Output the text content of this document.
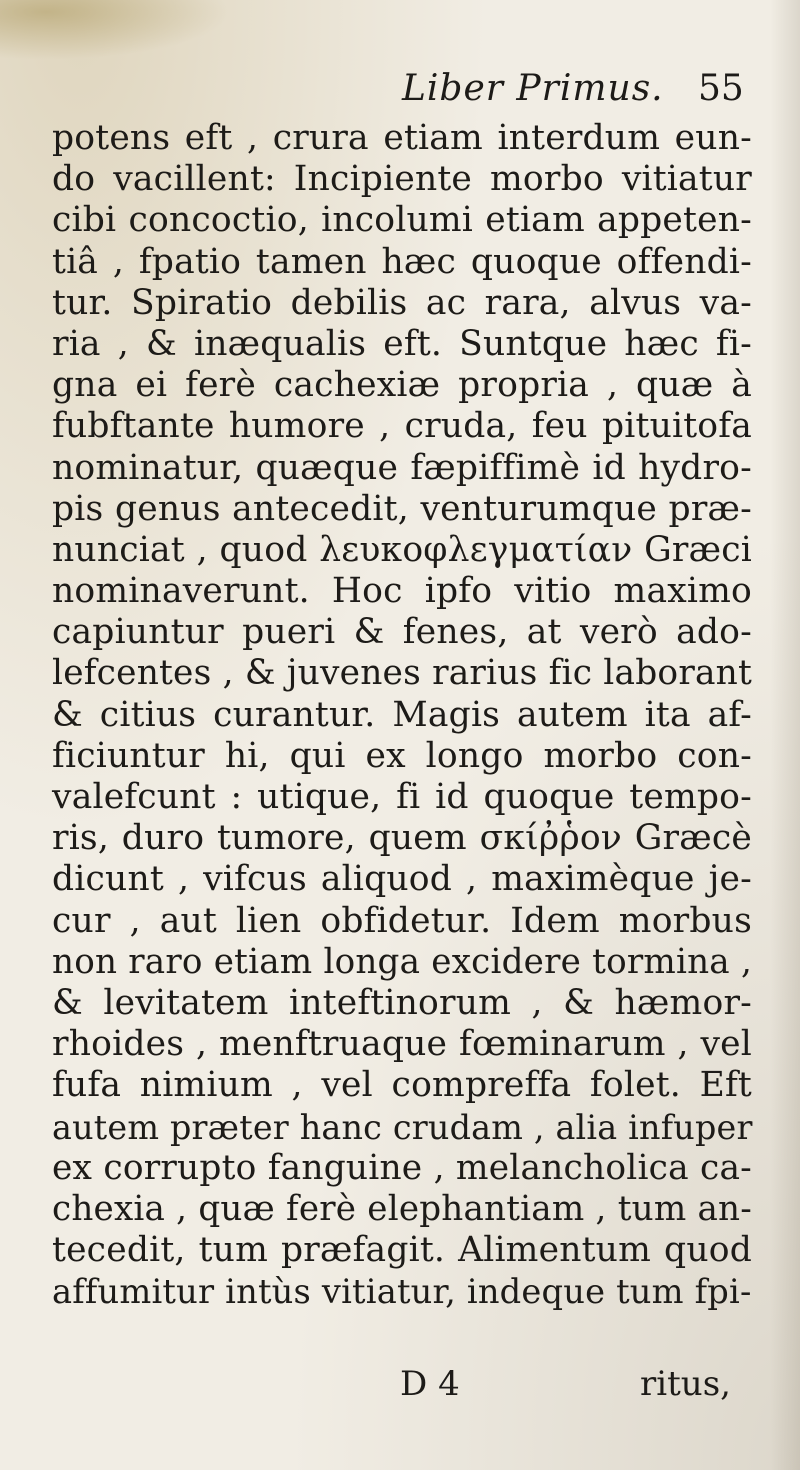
Liber Primus. 55
potens eft , crura etiam interdum eun-
do vacillent: Incipiente morbo vitiatur
cibi concoctio, incolumi etiam appeten-
tiâ , fpatio tamen hæc quoque offendi-
tur. Spiratio debilis ac rara, alvus va-
ria , & inæqualis eft. Suntque hæc fi-
gna ei ferè cachexiæ propria , quæ à
fubftante humore , cruda, feu pituitofa
nominatur, quæque fæpiffimè id hydro-
pis genus antecedit, venturumque præ-
nunciat , quod λευκοφλεγματίαν Græci
nominaverunt. Hoc ipfo vitio maximo
capiuntur pueri & fenes, at verò ado-
lefcentes , & juvenes rarius fic laborant
& citius curantur. Magis autem ita af-
ficiuntur hi, qui ex longo morbo con-
valefcunt : utique, fi id quoque tempo-
ris, duro tumore, quem σκίῤῥον Græcè
dicunt , vifcus aliquod , maximèque je-
cur , aut lien obfidetur. Idem morbus
non raro etiam longa excidere tormina ,
& levitatem inteftinorum , & hæmor-
rhoides , menftruaque fœminarum , vel
fufa nimium , vel compreffa folet. Eft
autem præter hanc crudam , alia infuper
ex corrupto fanguine , melancholica ca-
chexia , quæ ferè elephantiam , tum an-
tecedit, tum præfagit. Alimentum quod
affumitur intùs vitiatur, indeque tum fpi-
D 4	ritus,
